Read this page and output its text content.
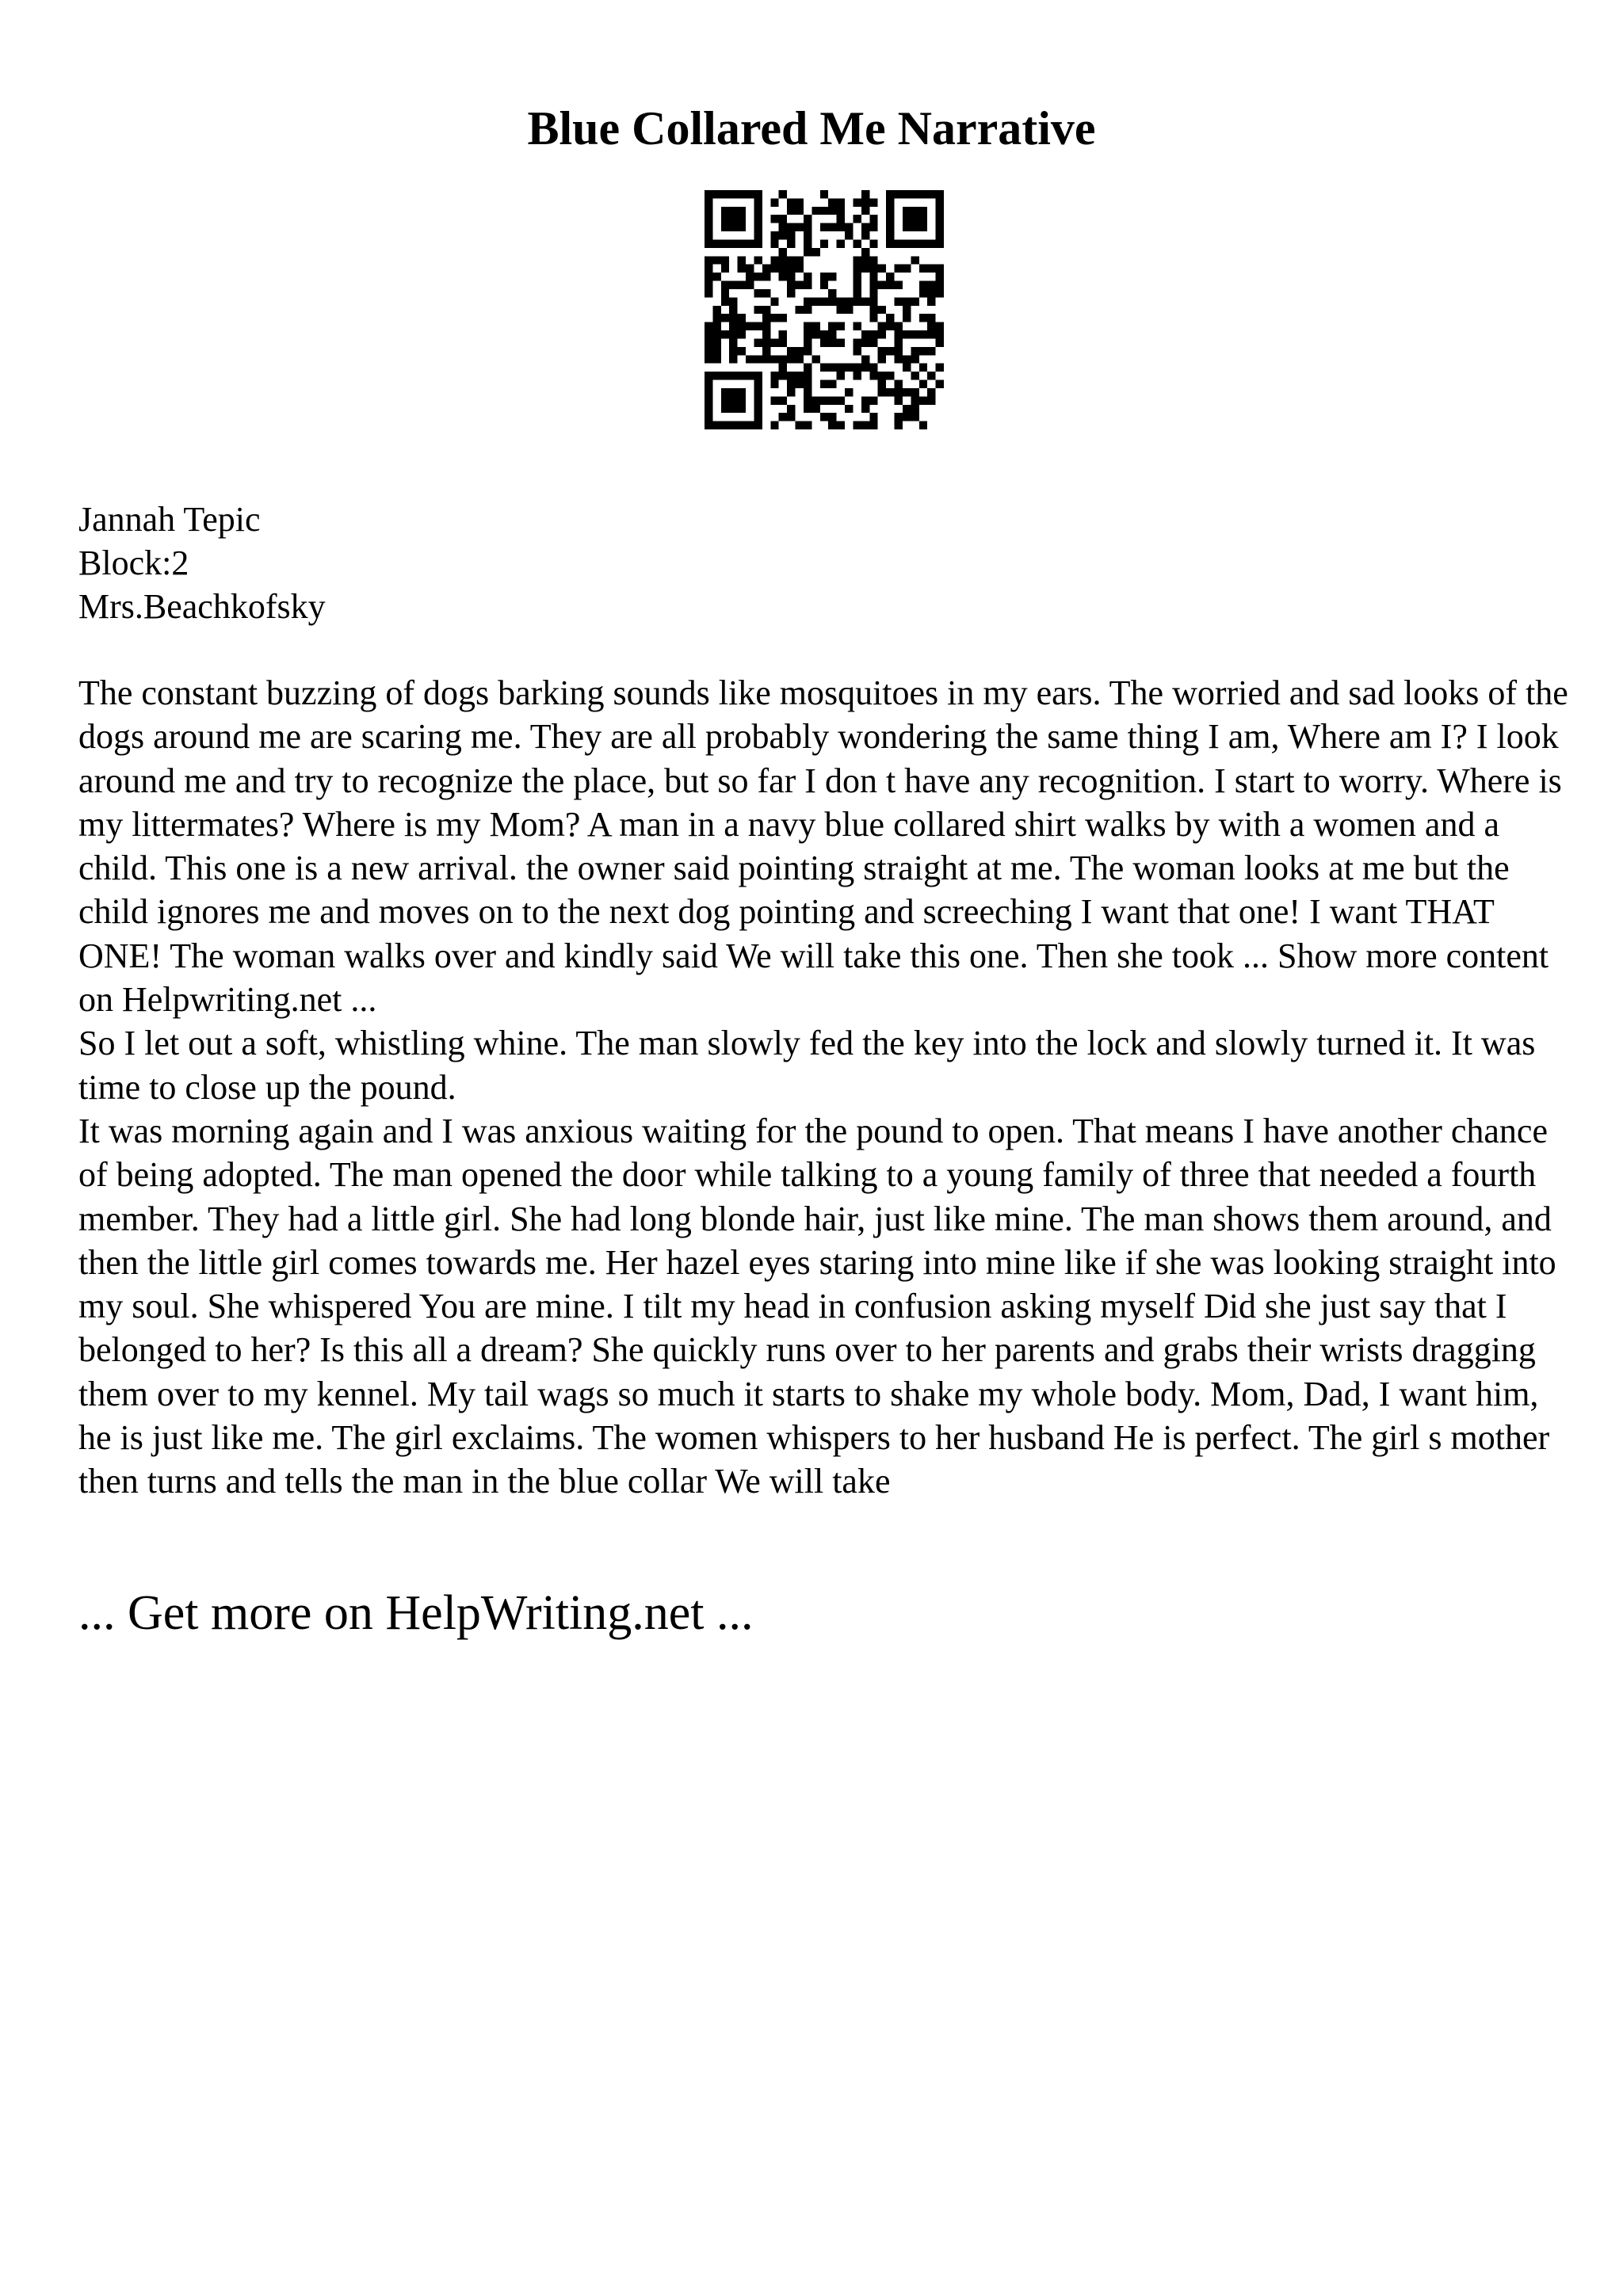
Blue Collared Me Narrative
Jannah Tepic
Block:2
Mrs.Beachkofsky

The constant buzzing of dogs barking sounds like mosquitoes in my ears. The worried and sad looks of the dogs around me are scaring me. They are all probably wondering the same thing I am, Where am I? I look around me and try to recognize the place, but so far I don t have any recognition. I start to worry. Where is my littermates? Where is my Mom? A man in a navy blue collared shirt walks by with a women and a child. This one is a new arrival. the owner said pointing straight at me. The woman looks at me but the child ignores me and moves on to the next dog pointing and screeching I want that one! I want THAT ONE! The woman walks over and kindly said We will take this one. Then she took ... Show more content on Helpwriting.net ...

So I let out a soft, whistling whine. The man slowly fed the key into the lock and slowly turned it. It was time to close up the pound.

It was morning again and I was anxious waiting for the pound to open. That means I have another chance of being adopted. The man opened the door while talking to a young family of three that needed a fourth member. They had a little girl. She had long blonde hair, just like mine. The man shows them around, and then the little girl comes towards me. Her hazel eyes staring into mine like if she was looking straight into my soul. She whispered You are mine. I tilt my head in confusion asking myself Did she just say that I belonged to her? Is this all a dream? She quickly runs over to her parents and grabs their wrists dragging them over to my kennel. My tail wags so much it starts to shake my whole body. Mom, Dad, I want him, he is just like me. The girl exclaims. The women whispers to her husband He is perfect. The girl s mother then turns and tells the man in the blue collar We will take

... Get more on HelpWriting.net ...
